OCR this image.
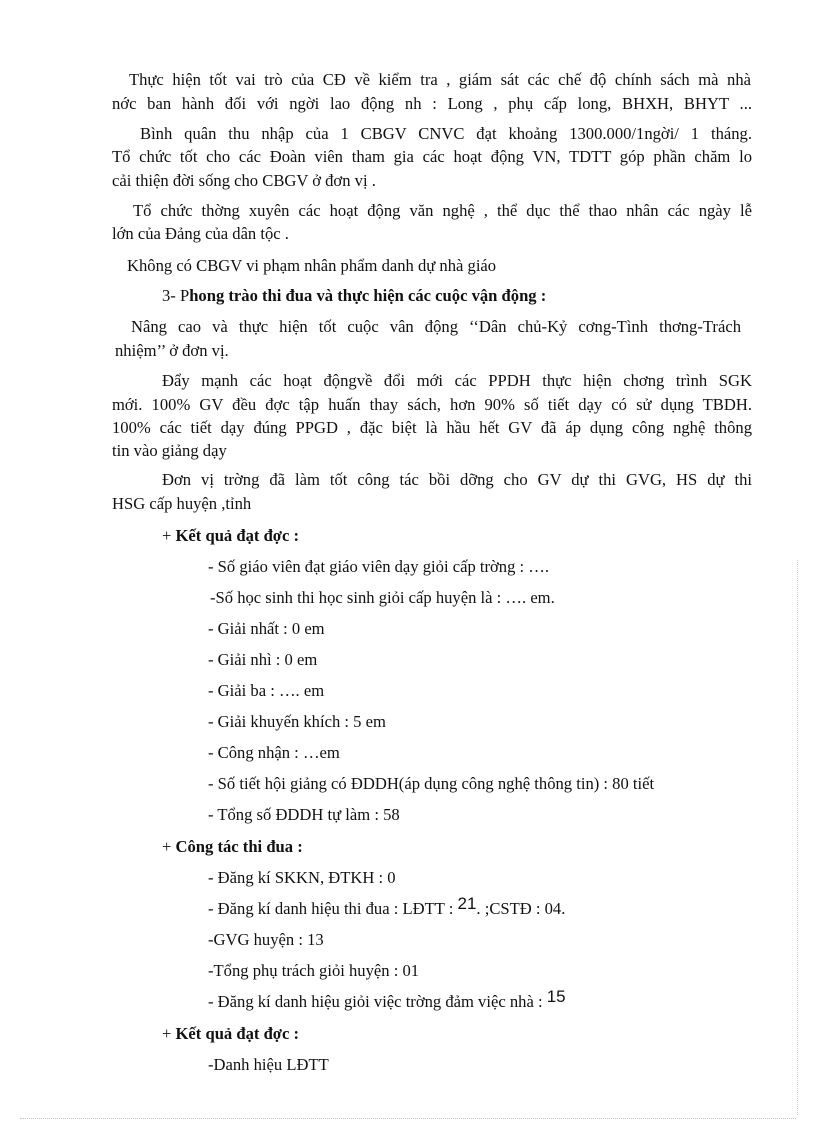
Thực hiện tốt vai trò của CĐ về kiểm tra , giám sát các chế độ chính sách mà nhà
nớc ban hành đối với ngời lao động nh : Long , phụ cấp long, BHXH, BHYT ...
Bình quân thu nhập của 1 CBGV CNVC đạt khoảng 1300.000/1ngời/ 1 tháng.
Tổ chức tốt cho các Đoàn viên tham gia các hoạt động VN, TDTT góp phần chăm lo
cải thiện đời sống cho CBGV ở đơn vị .
Tổ chức thờng xuyên các hoạt động văn nghệ , thể dục thể thao nhân các ngày lễ
lớn của Đảng của dân tộc .
Không có CBGV vi phạm nhân phẩm danh dự nhà giáo
3- Phong trào thi đua và thực hiện các cuộc vận động :
Nâng cao và thực hiện tốt cuộc vân động ‘‘Dân chủ-Kỷ cơng-Tình thơng-Trách
nhiệm’’ ở đơn vị.
Đẩy mạnh các hoạt độngvề đổi mới các PPDH thực hiện chơng trình SGK
mới. 100% GV đều đợc tập huấn thay sách, hơn 90% số tiết dạy có sử dụng TBDH.
100% các tiết dạy đúng PPGD , đặc biệt là hầu hết GV đã áp dụng công nghệ thông
tin vào giảng dạy
Đơn vị trờng đã làm tốt công tác bồi dỡng cho GV dự thi GVG, HS dự thi
HSG cấp huyện ,tỉnh
+ Kết quả đạt đợc :
- Số giáo viên đạt giáo viên dạy giỏi cấp trờng : ….
-Số học sinh thi học sinh giỏi cấp huyện là : …. em.
- Giải nhất : 0 em
- Giải nhì : 0 em
- Giải ba : …. em
- Giải khuyến khích : 5 em
- Công nhận : …em
- Số tiết hội giảng có ĐDDH(áp dụng công nghệ thông tin) : 80 tiết
- Tổng số ĐDDH tự làm : 58
+ Công tác thi đua :
- Đăng kí SKKN, ĐTKH : 0
- Đăng kí danh hiệu thi đua : LĐTT : 21. ;CSTĐ : 04.
-GVG huyện : 13
-Tổng phụ trách giỏi huyện : 01
- Đăng kí danh hiệu giỏi việc trờng đảm việc nhà : 15
+ Kết quả đạt đợc :
-Danh hiệu LĐTT
